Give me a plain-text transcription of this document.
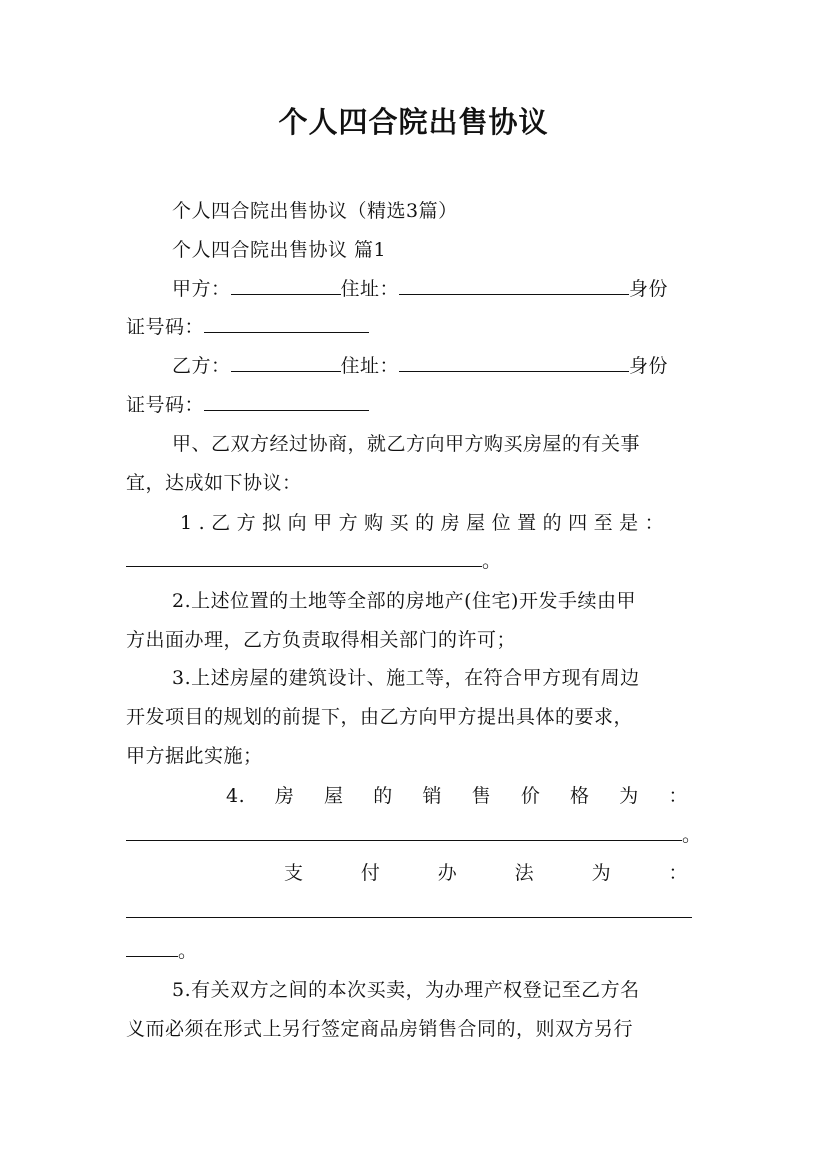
个人四合院出售协议
个人四合院出售协议（精选3篇）
个人四合院出售协议 篇1
甲方：	住址：	身份
证号码：
乙方：	住址：	身份
证号码：
甲、乙双方经过协商，就乙方向甲方购买房屋的有关事
宜，达成如下协议：
1.乙方拟向甲方购买的房屋位置的四至是：
。
2.上述位置的土地等全部的房地产(住宅)开发手续由甲
方出面办理，乙方负责取得相关部门的许可；
3.上述房屋的建筑设计、施工等，在符合甲方现有周边
开发项目的规划的前提下，由乙方向甲方提出具体的要求，
甲方据此实施；
4. 房 屋 的 销 售 价 格 为 ：
。
支	付	办	法	为	：
。
5.有关双方之间的本次买卖，为办理产权登记至乙方名
义而必须在形式上另行签定商品房销售合同的，则双方另行
